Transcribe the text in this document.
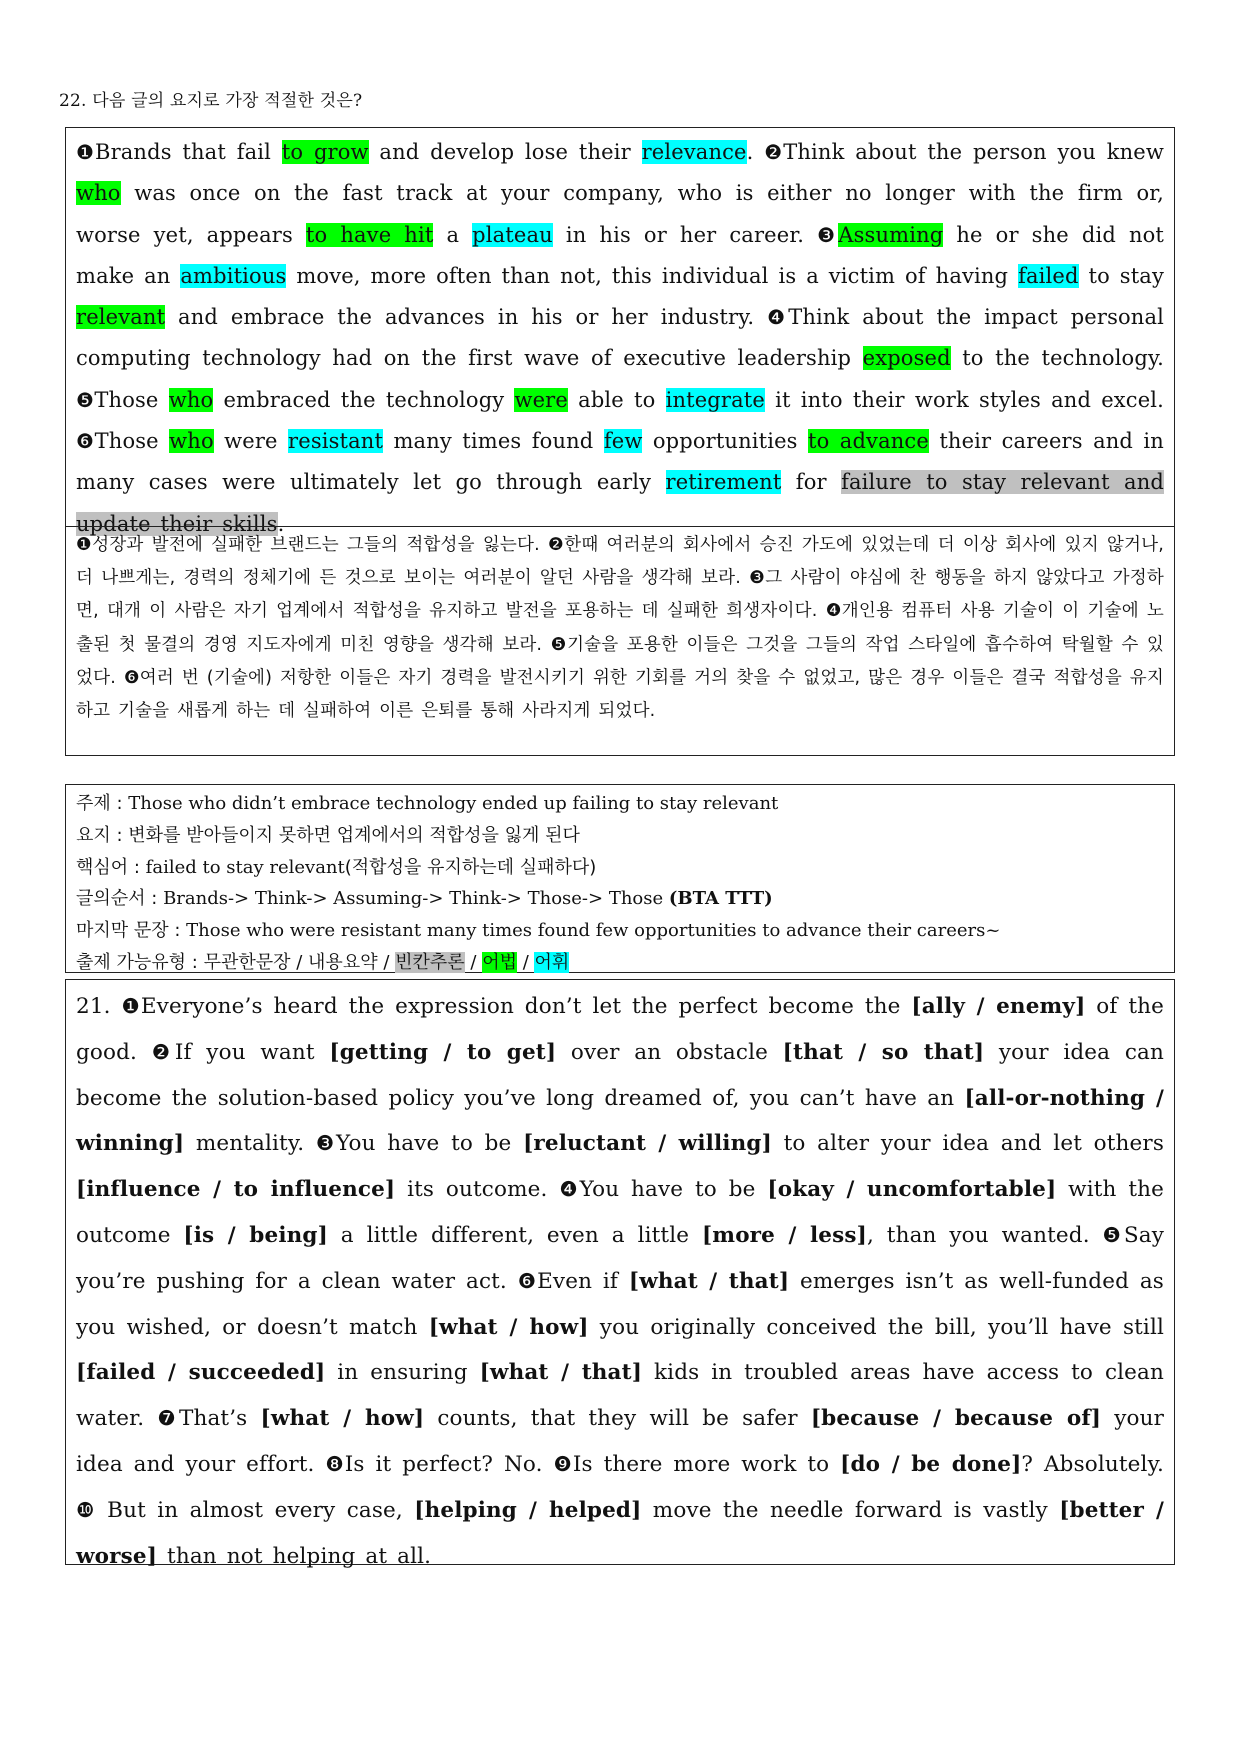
22. 다음 글의 요지로 가장 적절한 것은?
❶Brands that fail to grow and develop lose their relevance. ❷Think about the person you knew who was once on the fast track at your company, who is either no longer with the firm or, worse yet, appears to have hit a plateau in his or her career. ❸Assuming he or she did not make an ambitious move, more often than not, this individual is a victim of having failed to stay relevant and embrace the advances in his or her industry. ❹Think about the impact personal computing technology had on the first wave of executive leadership exposed to the technology. ❺Those who embraced the technology were able to integrate it into their work styles and excel. ❻Those who were resistant many times found few opportunities to advance their careers and in many cases were ultimately let go through early retirement for failure to stay relevant and update their skills.
❶성장과 발전에 실패한 브랜드는 그들의 적합성을 잃는다. ❷한때 여러분의 회사에서 승진 가도에 있었는데 더 이상 회사에 있지 않거나, 더 나쁘게는, 경력의 정체기에 든 것으로 보이는 여러분이 알던 사람을 생각해 보라. ❸그 사람이 야심에 찬 행동을 하지 않았다고 가정하면, 대개 이 사람은 자기 업계에서 적합성을 유지하고 발전을 포용하는 데 실패한 희생자이다. ❹개인용 컴퓨터 사용 기술이 이 기술에 노출된 첫 물결의 경영 지도자에게 미친 영향을 생각해 보라. ❺기술을 포용한 이들은 그것을 그들의 작업 스타일에 흡수하여 탁월할 수 있었다. ❻여러 번 (기술에) 저항한 이들은 자기 경력을 발전시키기 위한 기회를 거의 찾을 수 없었고, 많은 경우 이들은 결국 적합성을 유지하고 기술을 새롭게 하는 데 실패하여 이른 은퇴를 통해 사라지게 되었다.
주제 : Those who didn’t embrace technology ended up failing to stay relevant
요지 : 변화를 받아들이지 못하면 업계에서의 적합성을 잃게 된다
핵심어 : failed to stay relevant(적합성을 유지하는데 실패하다)
글의순서 : Brands-> Think-> Assuming-> Think-> Those-> Those (BTA TTT)
마지막 문장 : Those who were resistant many times found few opportunities to advance their careers~
출제 가능유형 : 무관한문장 / 내용요약 / 빈칸추론 / 어법 / 어휘
21. ❶Everyone’s heard the expression don’t let the perfect become the [ally / enemy] of the good. ❷If you want [getting / to get] over an obstacle [that / so that] your idea can become the solution‐based policy you’ve long dreamed of, you can’t have an [all‐or‐nothing / winning] mentality. ❸You have to be [reluctant / willing] to alter your idea and let others [influence / to influence] its outcome. ❹You have to be [okay / uncomfortable] with the outcome [is / being] a little different, even a little [more / less], than you wanted. ❺Say you’re pushing for a clean water act. ❻Even if [what / that] emerges isn’t as well‐funded as you wished, or doesn’t match [what / how] you originally conceived the bill, you’ll have still [failed / succeeded] in ensuring [what / that] kids in troubled areas have access to clean water. ❼That’s [what / how] counts, that they will be safer [because / because of] your idea and your effort. ❽Is it perfect? No. ❾Is there more work to [do / be done]? Absolutely. ❿ But in almost every case, [helping / helped] move the needle forward is vastly [better / worse] than not helping at all.
